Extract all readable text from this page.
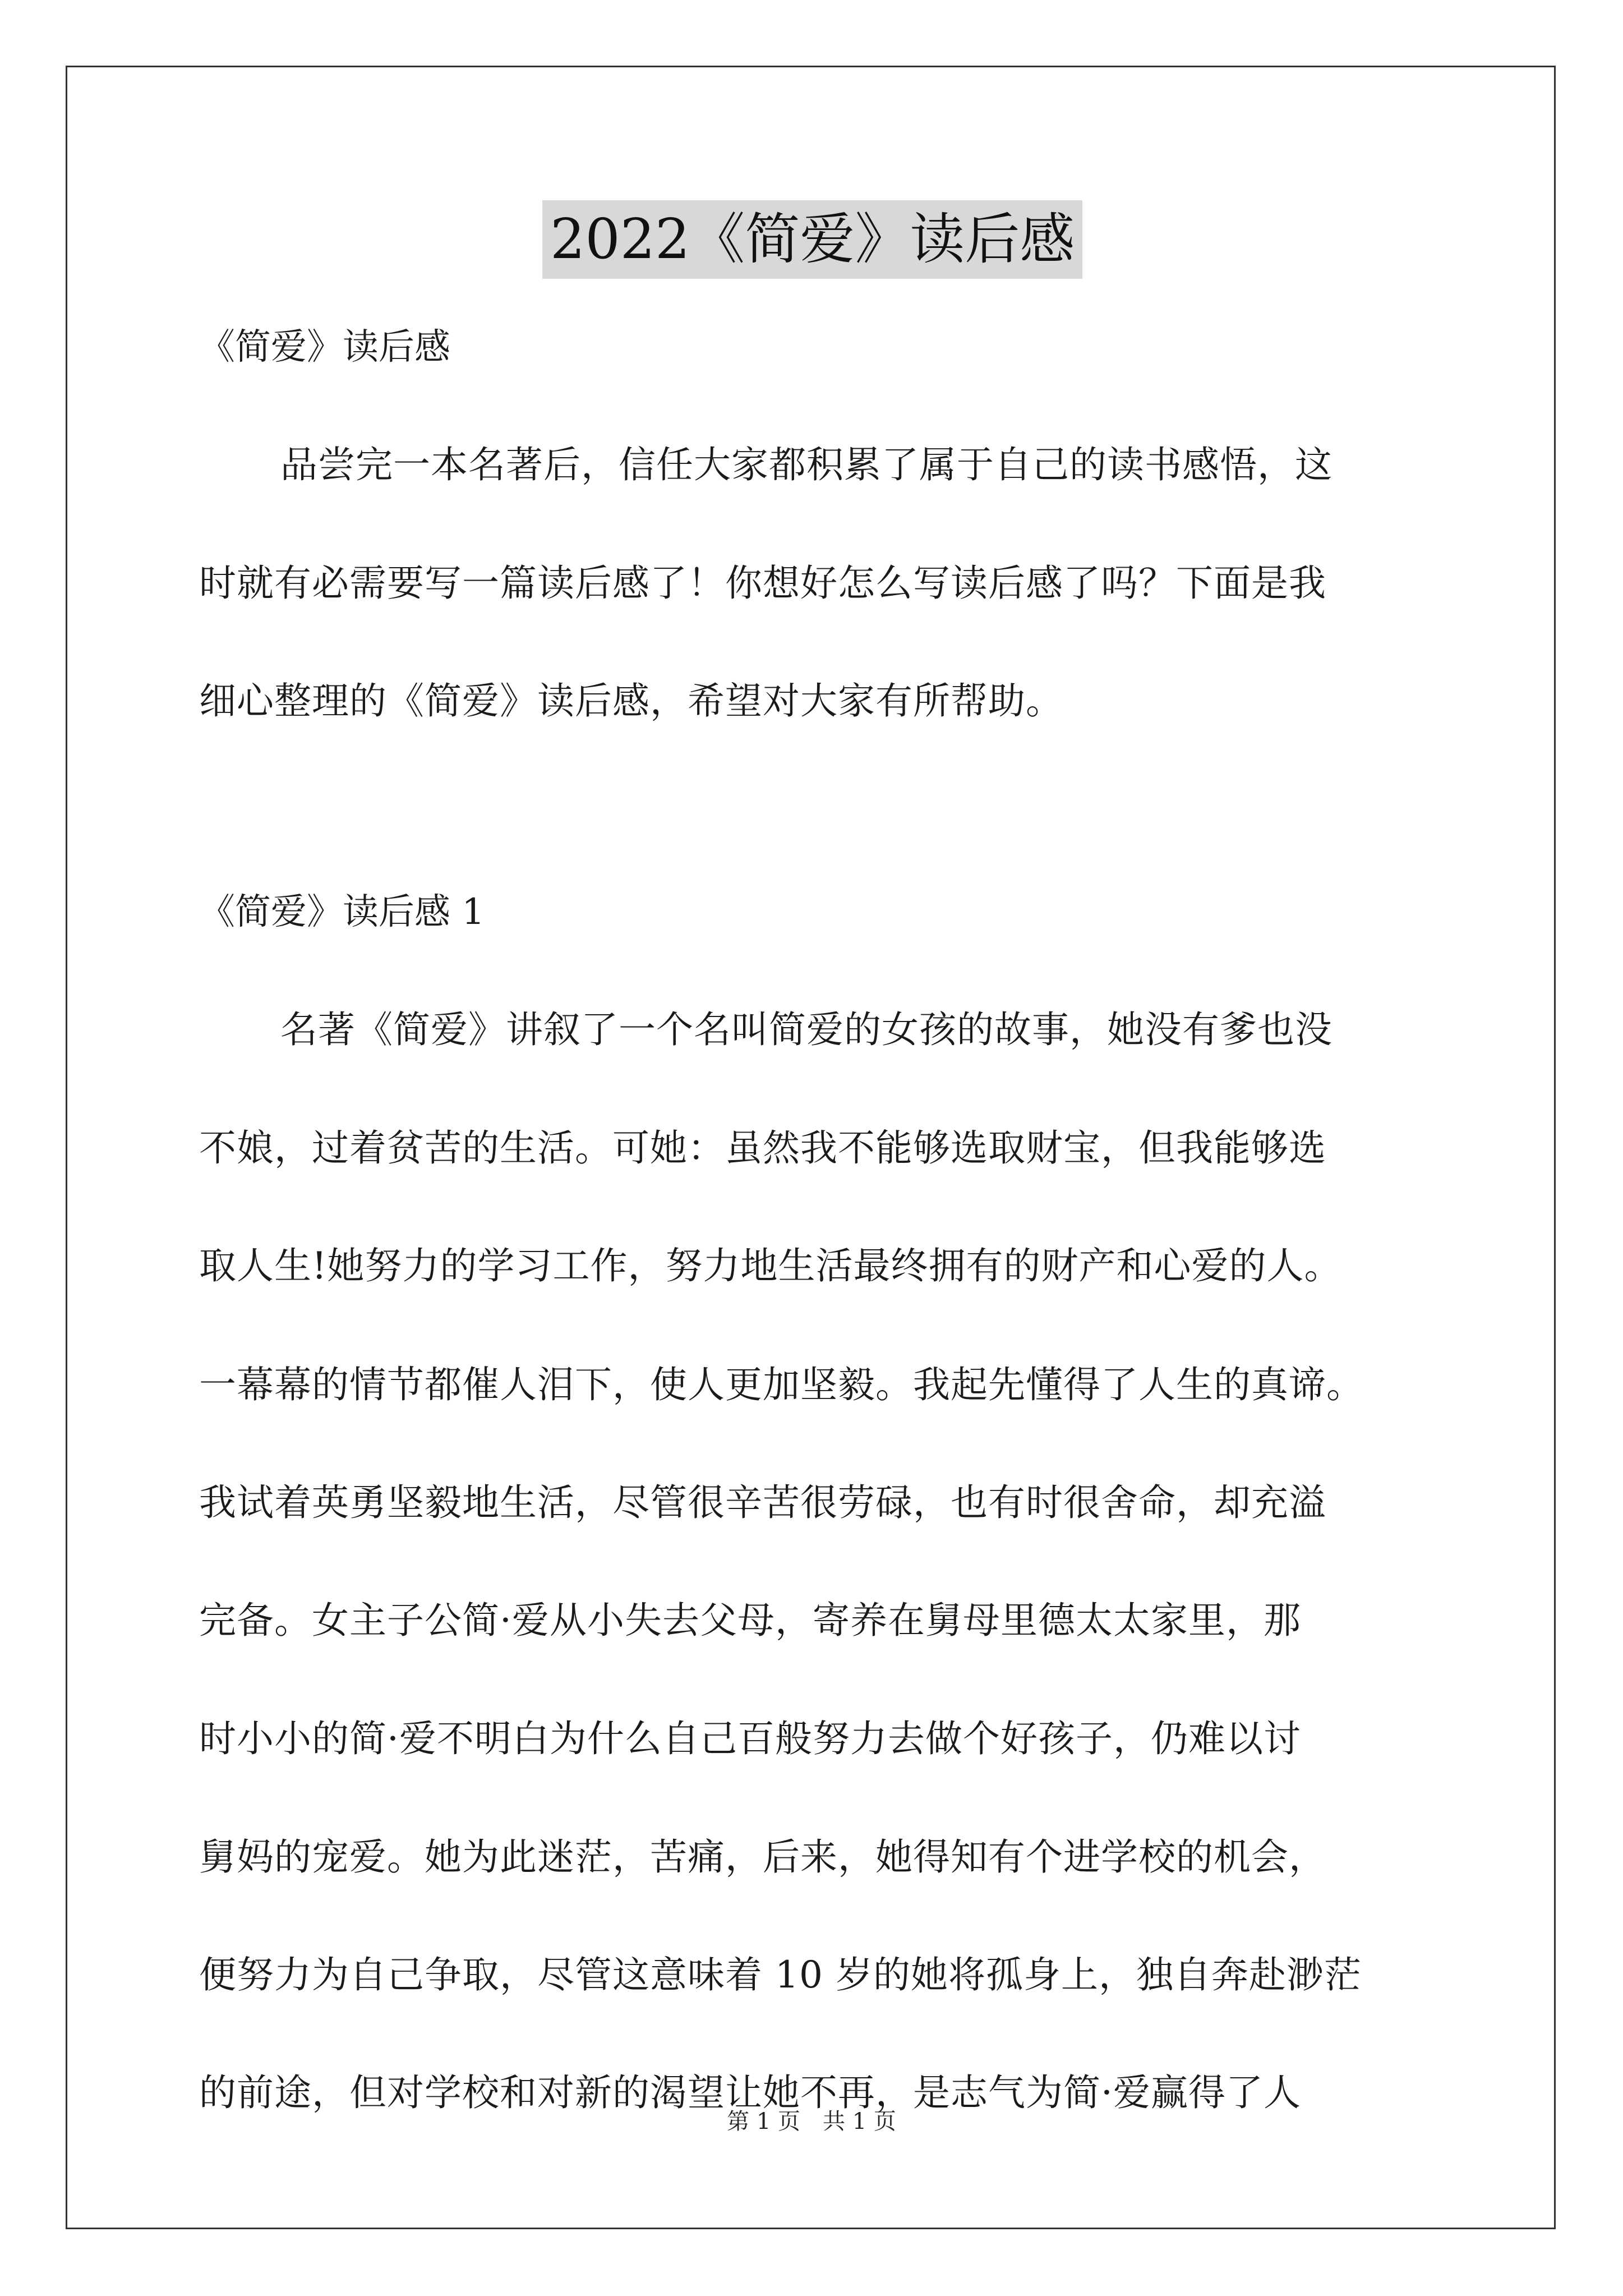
2022《简爱》读后感
《简爱》读后感
品尝完一本名著后，信任大家都积累了属于自己的读书感悟，这
时就有必需要写一篇读后感了！你想好怎么写读后感了吗？下面是我
细心整理的《简爱》读后感，希望对大家有所帮助。
《简爱》读后感 1
名著《简爱》讲叙了一个名叫简爱的女孩的故事，她没有爹也没
不娘，过着贫苦的生活。可她：虽然我不能够选取财宝，但我能够选
取人生!她努力的学习工作，努力地生活最终拥有的财产和心爱的人。
一幕幕的情节都催人泪下，使人更加坚毅。我起先懂得了人生的真谛。
我试着英勇坚毅地生活，尽管很辛苦很劳碌，也有时很舍命，却充溢
完备。女主子公简·爱从小失去父母，寄养在舅母里德太太家里，那
时小小的简·爱不明白为什么自己百般努力去做个好孩子，仍难以讨
舅妈的宠爱。她为此迷茫，苦痛，后来，她得知有个进学校的机会，
便努力为自己争取，尽管这意味着 10 岁的她将孤身上，独自奔赴渺茫
的前途，但对学校和对新的渴望让她不再，是志气为简·爱赢得了人
第 1 页　共 1 页
